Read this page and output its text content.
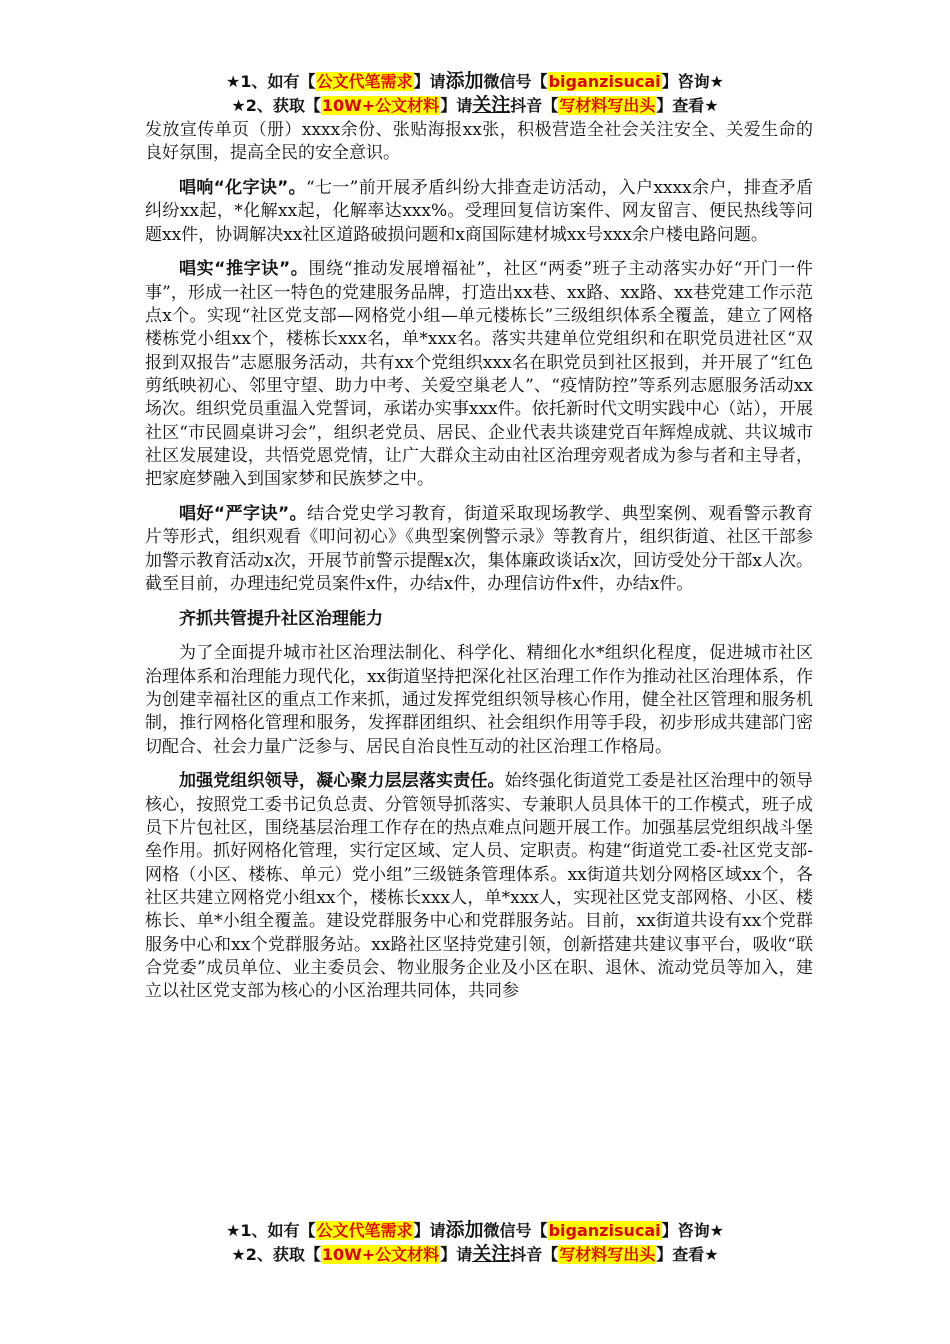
★1、如有【公文代笔需求】请添加微信号【biganzisucai】咨询★
★2、获取【10W+公文材料】请关注抖音【写材料写出头】查看★

发放宣传单页（册）xxxx余份、张贴海报xx张，积极营造全社会关注安全、关爱生命的良好氛围，提高全民的安全意识。

唱响“化字诀”。“七一”前开展矛盾纠纷大排查走访活动，入户xxxx余户，排查矛盾纠纷xx起，*化解xx起，化解率达xxx%。受理回复信访案件、网友留言、便民热线等问题xx件，协调解决xx社区道路破损问题和x商国际建材城xx号xxx余户楼电路问题。

唱实“推字诀”。围绕“推动发展增福祉”，社区“两委”班子主动落实办好“开门一件事”，形成一社区一特色的党建服务品牌，打造出xx巷、xx路、xx路、xx巷党建工作示范点x个。实现“社区党支部—网格党小组—单元楼栋长”三级组织体系全覆盖，建立了网格楼栋党小组xx个，楼栋长xxx名，单*xxx名。落实共建单位党组织和在职党员进社区“双报到双报告”志愿服务活动，共有xx个党组织xxx名在职党员到社区报到，并开展了“红色剪纸映初心、邻里守望、助力中考、关爱空巢老人”、“疫情防控”等系列志愿服务活动xx场次。组织党员重温入党誓词，承诺办实事xxx件。依托新时代文明实践中心（站），开展社区“市民圆桌讲习会”，组织老党员、居民、企业代表共谈建党百年辉煌成就、共议城市社区发展建设，共悟党恩党情，让广大群众主动由社区治理旁观者成为参与者和主导者，把家庭梦融入到国家梦和民族梦之中。

唱好“严字诀”。结合党史学习教育，街道采取现场教学、典型案例、观看警示教育片等形式，组织观看《叩问初心》《典型案例警示录》等教育片，组织街道、社区干部参加警示教育活动x次，开展节前警示提醒x次，集体廉政谈话x次，回访受处分干部x人次。截至目前，办理违纪党员案件x件，办结x件，办理信访件x件，办结x件。

齐抓共管提升社区治理能力

为了全面提升城市社区治理法制化、科学化、精细化水*组织化程度，促进城市社区治理体系和治理能力现代化，xx街道坚持把深化社区治理工作作为推动社区治理体系，作为创建幸福社区的重点工作来抓，通过发挥党组织领导核心作用，健全社区管理和服务机制，推行网格化管理和服务，发挥群团组织、社会组织作用等手段，初步形成共建部门密切配合、社会力量广泛参与、居民自治良性互动的社区治理工作格局。

加强党组织领导，凝心聚力层层落实责任。始终强化街道党工委是社区治理中的领导核心，按照党工委书记负总责、分管领导抓落实、专兼职人员具体干的工作模式，班子成员下片包社区，围绕基层治理工作存在的热点难点问题开展工作。加强基层党组织战斗堡垒作用。抓好网格化管理，实行定区域、定人员、定职责。构建“街道党工委-社区党支部-网格（小区、楼栋、单元）党小组”三级链条管理体系。xx街道共划分网格区域xx个，各社区共建立网格党小组xx个，楼栋长xxx人，单*xxx人，实现社区党支部网格、小区、楼栋长、单*小组全覆盖。建设党群服务中心和党群服务站。目前，xx街道共设有xx个党群服务中心和xx个党群服务站。xx路社区坚持党建引领，创新搭建共建议事平台，吸收“联合党委”成员单位、业主委员会、物业服务企业及小区在职、退休、流动党员等加入，建立以社区党支部为核心的小区治理共同体，共同参

★1、如有【公文代笔需求】请添加微信号【biganzisucai】咨询★
★2、获取【10W+公文材料】请关注抖音【写材料写出头】查看★
